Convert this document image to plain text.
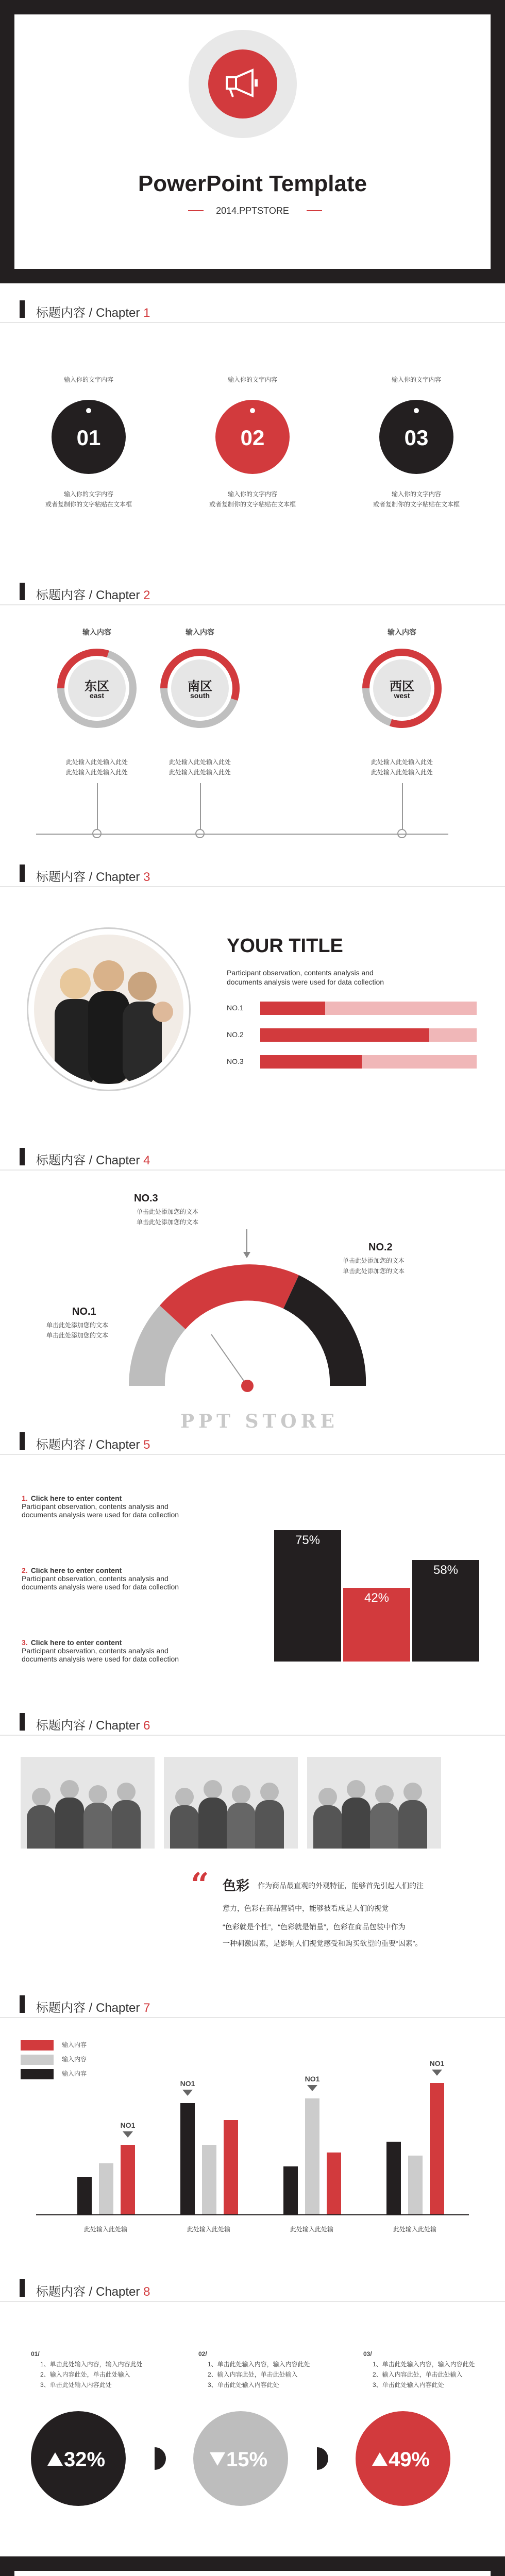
PowerPoint Template
2014.PPTSTORE
标题内容 / Chapter 1
输入你的文字内容
01
输入你的文字内容
或者复制你的文字粘贴在文本框
输入你的文字内容
02
输入你的文字内容
或者复制你的文字粘贴在文本框
输入你的文字内容
03
输入你的文字内容
或者复制你的文字粘贴在文本框
标题内容 / Chapter 2
输入内容
东区
east
此处输入此处输入此处
此处输入此处输入此处
输入内容
南区
south
此处输入此处输入此处
此处输入此处输入此处
输入内容
西区
west
此处输入此处输入此处
此处输入此处输入此处
标题内容 / Chapter 3
YOUR TITLE
Participant observation, contents analysis and
documents analysis were used for data collection
NO.1
NO.2
NO.3
标题内容 / Chapter 4
NO.3
单击此处添加您的文本
单击此处添加您的文本
NO.2
单击此处添加您的文本
单击此处添加您的文本
NO.1
单击此处添加您的文本
单击此处添加您的文本
PPT STORE
标题内容 / Chapter 5
1. Click here to enter content
Participant observation, contents analysis and
documents analysis were used for data collection
2. Click here to enter content
Participant observation, contents analysis and
documents analysis were used for data collection
3. Click here to enter content
Participant observation, contents analysis and
documents analysis were used for data collection
75%
42%
58%
标题内容 / Chapter 6
“ 色彩 作为商品最直观的外观特征，能够首先引起人们的注
意力，色彩在商品营销中，能够被看成是人们的视觉
“色彩就是个性”，“色彩就是销量”，色彩在商品包装中作为
一种刺激因素，是影响人们视觉感受和购买欲望的重要“因素”。
标题内容 / Chapter 7
输入内容
输入内容
输入内容
NO1
此处输入此处输
NO1
此处输入此处输
NO1
此处输入此处输
NO1
此处输入此处输
标题内容 / Chapter 8
01/
1、单击此处输入内容，输入内容此处
2、输入内容此处，单击此处输入
3、单击此处输入内容此处
02/
1、单击此处输入内容，输入内容此处
2、输入内容此处，单击此处输入
3、单击此处输入内容此处
03/
1、单击此处输入内容，输入内容此处
2、输入内容此处，单击此处输入
3、单击此处输入内容此处
32%	15%	49%
